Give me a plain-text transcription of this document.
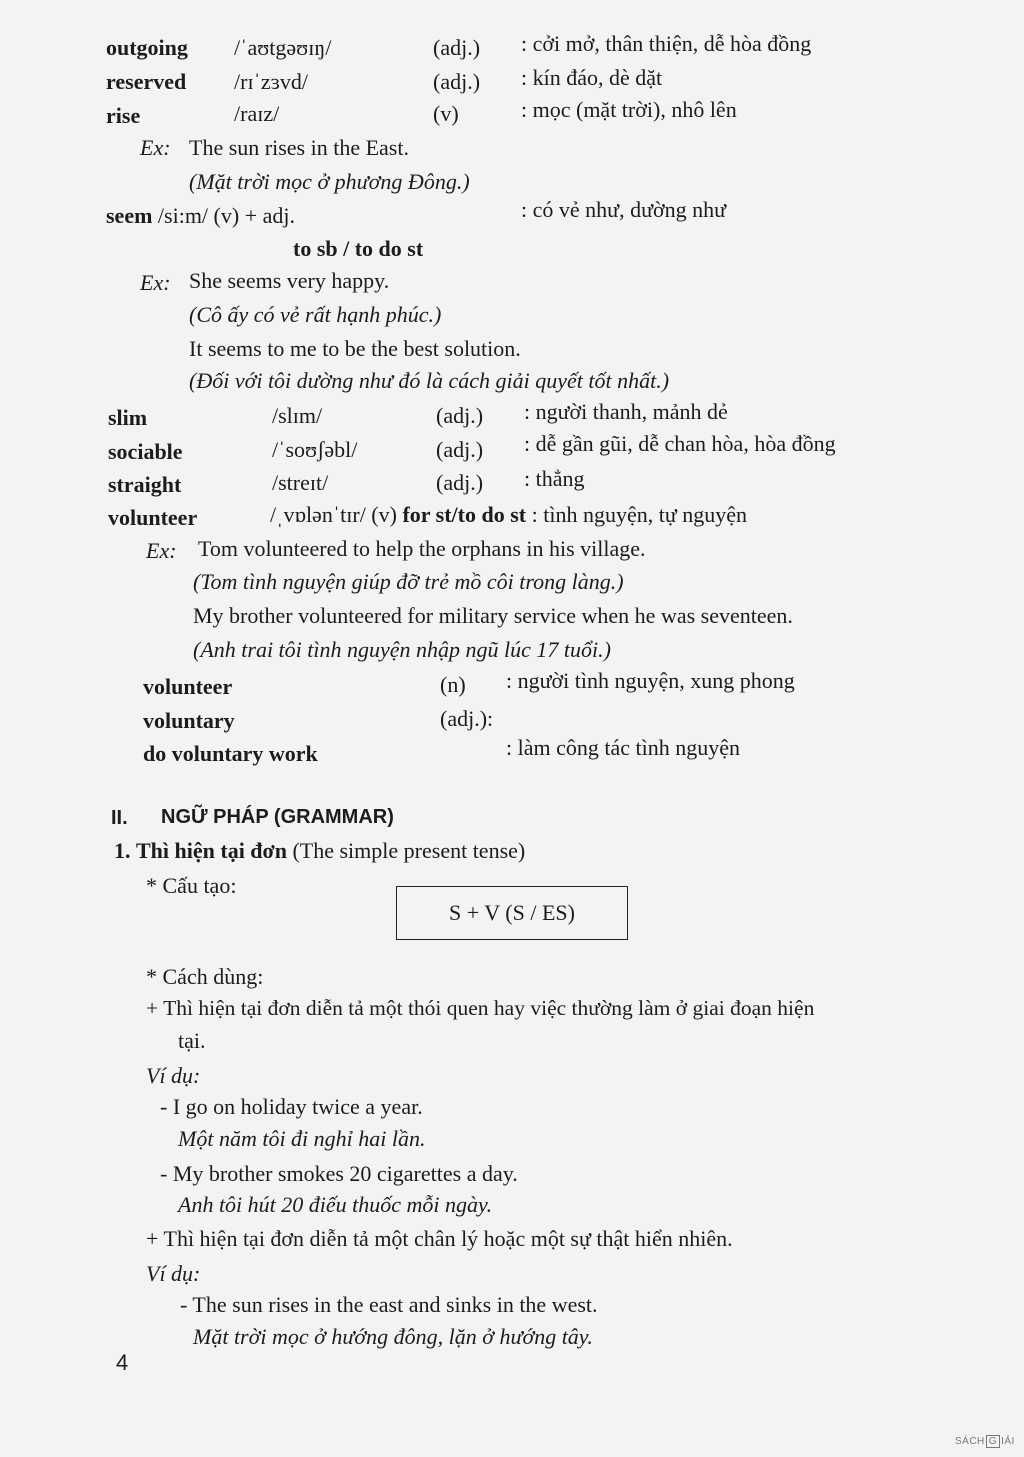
outgoing /ˈaʊtgəʊɪŋ/	(adj.) : cởi mở, thân thiện, dễ hòa đồng
reserved /rɪˈzɜvd/	(adj.) : kín đáo, dè dặt
rise	/raɪz/	(v)	: mọc (mặt trời), nhô lên
Ex: The sun rises in the East.
(Mặt trời mọc ở phương Đông.)
seem /si:m/ (v) + adj.	: có vẻ như, dường như
to sb / to do st
Ex: She seems very happy.
(Cô ấy có vẻ rất hạnh phúc.)
It seems to me to be the best solution.
(Đối với tôi dường như đó là cách giải quyết tốt nhất.)
slim	/slɪm/	(adj.) : người thanh, mảnh dẻ
sociable	/ˈsoʊʃəbl/	(adj.) : dễ gần gũi, dễ chan hòa, hòa đồng
straight	/streɪt/	(adj.) : thẳng
volunteer	/ˌvɒlənˈtɪr/ (v) for st/to do st : tình nguyện, tự nguyện
Ex: Tom volunteered to help the orphans in his village.
(Tom tình nguyện giúp đỡ trẻ mồ côi trong làng.)
My brother volunteered for military service when he was seventeen.
(Anh trai tôi tình nguyện nhập ngũ lúc 17 tuổi.)
volunteer	(n) : người tình nguyện, xung phong
voluntary	(adj.):
do voluntary work	: làm công tác tình nguyện
II. NGỮ PHÁP (GRAMMAR)
1. Thì hiện tại đơn (The simple present tense)
* Cấu tạo:
S + V (S / ES)
* Cách dùng:
+ Thì hiện tại đơn diễn tả một thói quen hay việc thường làm ở giai đoạn hiện
tại.
Ví dụ:
- I go on holiday twice a year.
Một năm tôi đi nghỉ hai lần.
- My brother smokes 20 cigarettes a day.
Anh tôi hút 20 điếu thuốc mỗi ngày.
+ Thì hiện tại đơn diễn tả một chân lý hoặc một sự thật hiển nhiên.
Ví dụ:
- The sun rises in the east and sinks in the west.
Mặt trời mọc ở hướng đông, lặn ở hướng tây.
4
SÁCH G IẢI
